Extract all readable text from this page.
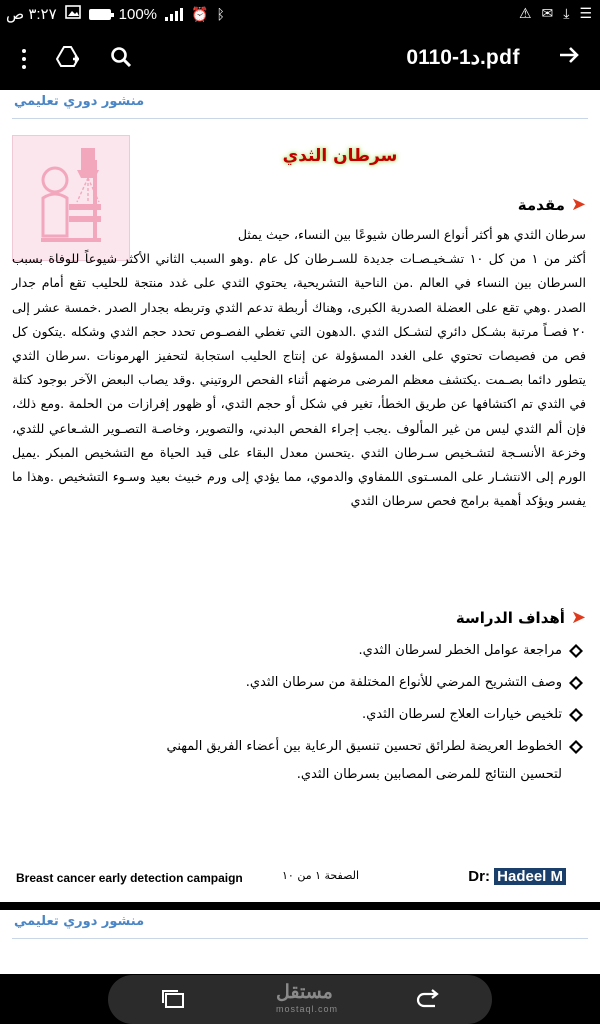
٣:٢٧ ص	100% ⏰ ᛒ	⚠ ✉ ⤓ ☰
0110-د1.pdf
منشور دوري تعليمي
سرطان الثدي
➤
مقدمة
سرطان الثدي هو أكثر أنواع السرطان شيوعًا بين النساء، حيث يمثل
أكثر من ١ من كل ١٠ تشـخيـصـات جديدة للسـرطان كل عام .وهو السبب الثاني الأكثر شيوعاً للوفاة بسبب السرطان بين النساء في العالم .من الناحية التشريحية، يحتوي الثدي على غدد منتجة للحليب تقع أمام جدار الصدر .وهي تقع على العضلة الصدرية الكبرى، وهناك أربطة تدعم الثدي وتربطه بجدار الصدر .خمسة عشر إلى ٢٠ فصـاً مرتبة بشـكل دائري لتشـكل الثدي .الدهون التي تغطي الفصـوص تحدد حجم الثدي وشكله .يتكون كل فص من فصيصات تحتوي على الغدد المسؤولة عن إنتاج الحليب استجابة لتحفيز الهرمونات .سرطان الثدي يتطور دائما بصـمت .يكتشف معظم المرضى مرضهم أثناء الفحص الروتيني .وقد يصاب البعض الآخر بوجود كتلة في الثدي تم اكتشافها عن طريق الخطأ، تغير في شكل أو حجم الثدي، أو ظهور إفرازات من الحلمة .ومع ذلك، فإن ألم الثدي ليس من غير المألوف .يجب إجراء الفحص البدني، والتصوير، وخاصـة التصـوير الشـعاعي للثدي، وخزعة الأنسـجة لتشـخيص سـرطان الثدي .يتحسن معدل البقاء على قيد الحياة مع التشخيص المبكر .يميل الورم إلى الانتشـار على المسـتوى اللمفاوي والدموي، مما يؤدي إلى ورم خبيث بعيد وسـوء التشخيص .وهذا ما يفسر ويؤكد أهمية برامج فحص سرطان الثدي
➤
أهداف الدراسة
مراجعة عوامل الخطر لسرطان الثدي.
وصف التشريح المرضي للأنواع المختلفة من سرطان الثدي.
تلخيص خيارات العلاج لسرطان الثدي.
الخطوط العريضة لطرائق تحسين تنسيق الرعاية بين أعضاء الفريق المهني
لتحسين النتائج للمرضى المصابين بسرطان الثدي.
Breast cancer early detection campaign	الصفحة ١ من ١٠	Dr: Hadeel M
منشور دوري تعليمي
مستقل
mostaql.com
